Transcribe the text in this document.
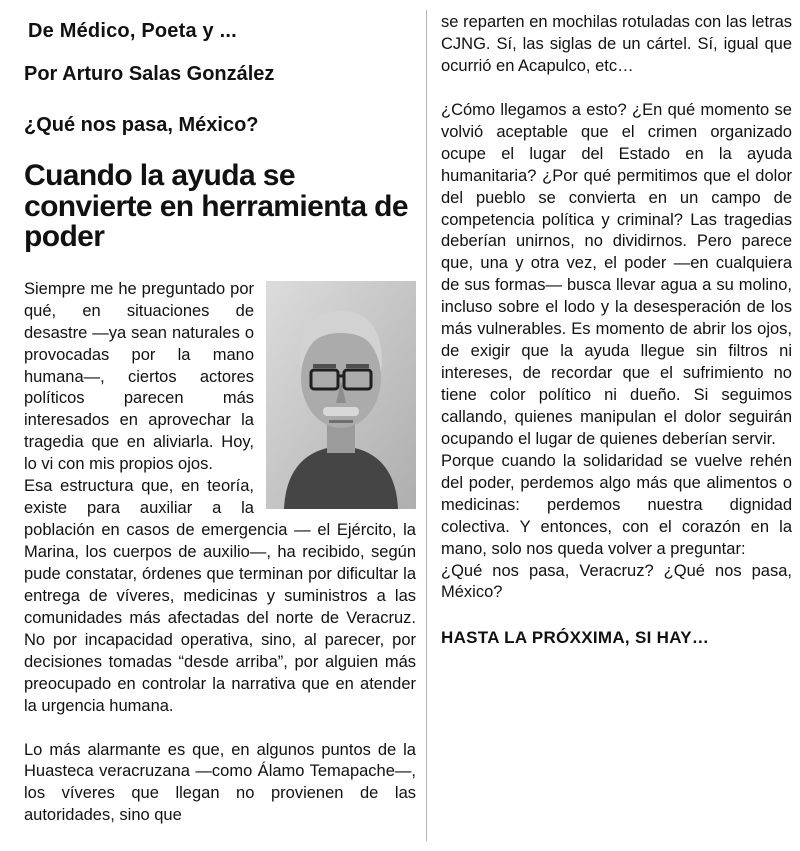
De Médico, Poeta y ...
Por Arturo Salas González
¿Qué nos pasa, México?
Cuando la ayuda se convierte en herramienta de poder

Siempre me he preguntado por qué, en situaciones de desastre —ya sean naturales o provocadas por la mano humana—, ciertos actores políticos parecen más interesados en aprovechar la tragedia que en aliviarla. Hoy, lo vi con mis propios ojos.

Esa estructura que, en teoría, existe para auxiliar a la población en casos de emergencia — el Ejército, la Marina, los cuerpos de auxilio—, ha recibido, según pude constatar, órdenes que terminan por dificultar la entrega de víveres, medicinas y suministros a las comunidades más afectadas del norte de Veracruz. No por incapacidad operativa, sino, al parecer, por decisiones tomadas “desde arriba”, por alguien más preocupado en controlar la narrativa que en atender la urgencia humana.

Lo más alarmante es que, en algunos puntos de la Huasteca veracruzana —como Álamo Temapache—, los víveres que llegan no provienen de las autoridades, sino que

se reparten en mochilas rotuladas con las letras CJNG. Sí, las siglas de un cártel. Sí, igual que ocurrió en Acapulco, etc…

¿Cómo llegamos a esto? ¿En qué momento se volvió aceptable que el crimen organizado ocupe el lugar del Estado en la ayuda humanitaria? ¿Por qué permitimos que el dolor del pueblo se convierta en un campo de competencia política y criminal? Las tragedias deberían unirnos, no dividirnos. Pero parece que, una y otra vez, el poder —en cualquiera de sus formas— busca llevar agua a su molino, incluso sobre el lodo y la desesperación de los más vulnerables. Es momento de abrir los ojos, de exigir que la ayuda llegue sin filtros ni intereses, de recordar que el sufrimiento no tiene color político ni dueño. Si seguimos callando, quienes manipulan el dolor seguirán ocupando el lugar de quienes deberían servir.

Porque cuando la solidaridad se vuelve rehén del poder, perdemos algo más que alimentos o medicinas: perdemos nuestra dignidad colectiva. Y entonces, con el corazón en la mano, solo nos queda volver a preguntar:

¿Qué nos pasa, Veracruz? ¿Qué nos pasa, México?

HASTA LA PRÓXXIMA, SI HAY…
